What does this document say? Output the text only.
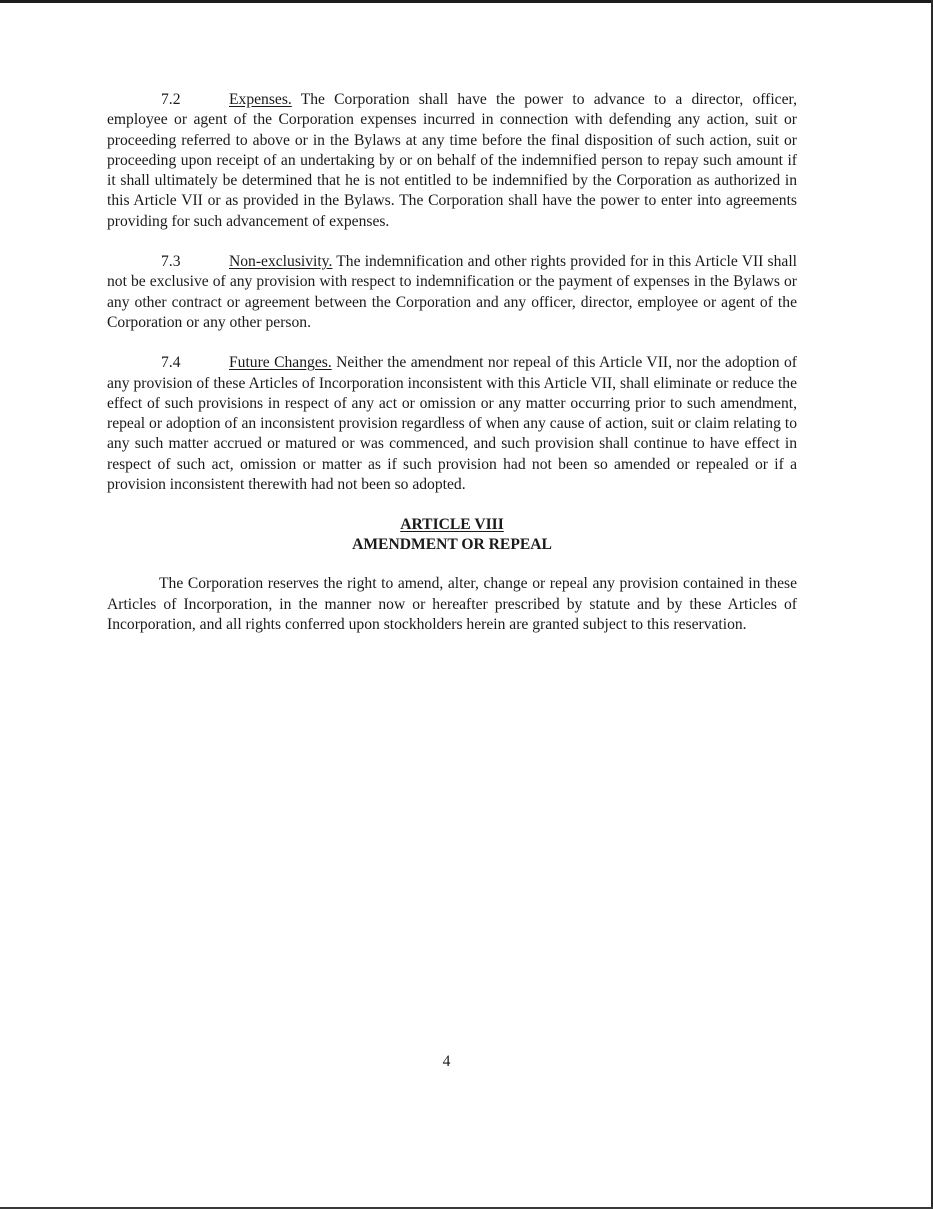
7.2	Expenses. The Corporation shall have the power to advance to a director, officer, employee or agent of the Corporation expenses incurred in connection with defending any action, suit or proceeding referred to above or in the Bylaws at any time before the final disposition of such action, suit or proceeding upon receipt of an undertaking by or on behalf of the indemnified person to repay such amount if it shall ultimately be determined that he is not entitled to be indemnified by the Corporation as authorized in this Article VII or as provided in the Bylaws. The Corporation shall have the power to enter into agreements providing for such advancement of expenses.

7.3	Non-exclusivity. The indemnification and other rights provided for in this Article VII shall not be exclusive of any provision with respect to indemnification or the payment of expenses in the Bylaws or any other contract or agreement between the Corporation and any officer, director, employee or agent of the Corporation or any other person.

7.4	Future Changes. Neither the amendment nor repeal of this Article VII, nor the adoption of any provision of these Articles of Incorporation inconsistent with this Article VII, shall eliminate or reduce the effect of such provisions in respect of any act or omission or any matter occurring prior to such amendment, repeal or adoption of an inconsistent provision regardless of when any cause of action, suit or claim relating to any such matter accrued or matured or was commenced, and such provision shall continue to have effect in respect of such act, omission or matter as if such provision had not been so amended or repealed or if a provision inconsistent therewith had not been so adopted.

ARTICLE VIII
AMENDMENT OR REPEAL

The Corporation reserves the right to amend, alter, change or repeal any provision contained in these Articles of Incorporation, in the manner now or hereafter prescribed by statute and by these Articles of Incorporation, and all rights conferred upon stockholders herein are granted subject to this reservation.

4
